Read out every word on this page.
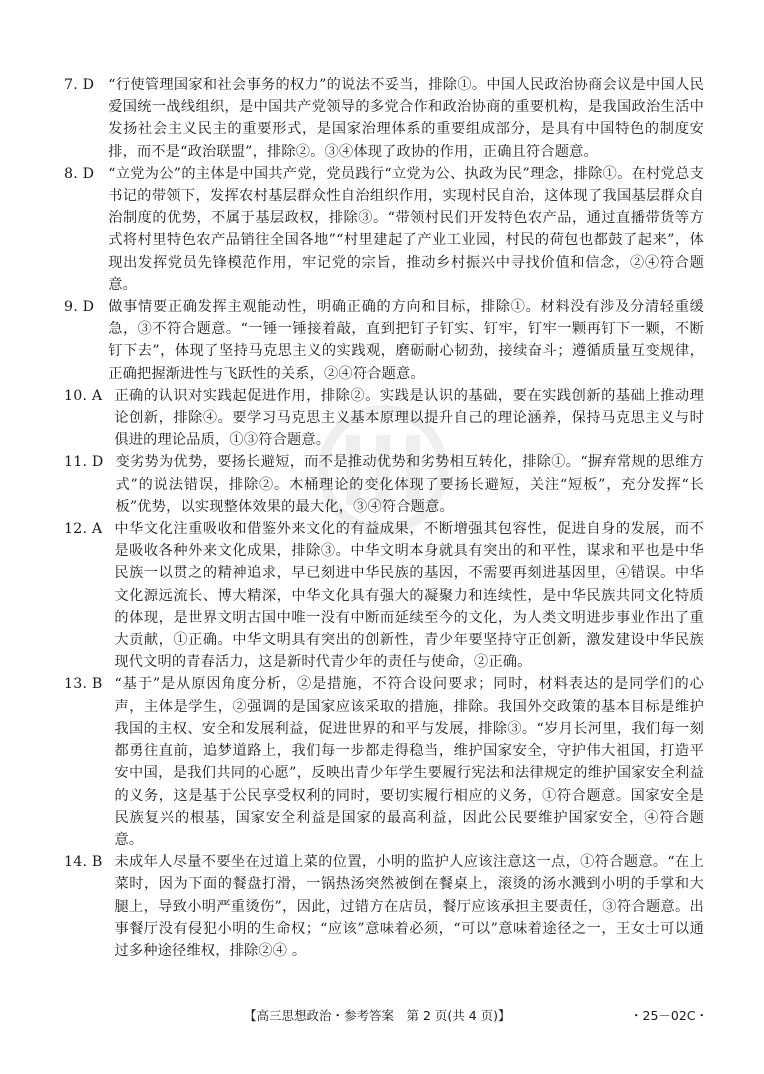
7. D “行使管理国家和社会事务的权力”的说法不妥当，排除①。中国人民政治协商会议是中国人民爱国统一战线组织，是中国共产党领导的多党合作和政治协商的重要机构，是我国政治生活中发扬社会主义民主的重要形式，是国家治理体系的重要组成部分，是具有中国特色的制度安排，而不是“政治联盟”，排除②。③④体现了政协的作用，正确且符合题意。
8. D “立党为公”的主体是中国共产党，党员践行“立党为公、执政为民”理念，排除①。在村党总支书记的带领下，发挥农村基层群众性自治组织作用，实现村民自治，这体现了我国基层群众自治制度的优势，不属于基层政权，排除③。“带领村民们开发特色农产品，通过直播带货等方式将村里特色农产品销往全国各地”“村里建起了产业工业园，村民的荷包也都鼓了起来”，体现出发挥党员先锋模范作用，牢记党的宗旨，推动乡村振兴中寻找价值和信念，②④符合题意。
9. D 做事情要正确发挥主观能动性，明确正确的方向和目标，排除①。材料没有涉及分清轻重缓急，③不符合题意。“一锤一锤接着敲，直到把钉子钉实、钉牢，钉牢一颗再钉下一颗，不断钉下去”，体现了坚持马克思主义的实践观，磨砺耐心韧劲，接续奋斗；遵循质量互变规律，正确把握渐进性与飞跃性的关系，②④符合题意。
10. A 正确的认识对实践起促进作用，排除②。实践是认识的基础，要在实践创新的基础上推动理论创新，排除④。要学习马克思主义基本原理以提升自己的理论涵养，保持马克思主义与时俱进的理论品质，①③符合题意。
11. D 变劣势为优势，要扬长避短，而不是推动优势和劣势相互转化，排除①。“摒弃常规的思维方式”的说法错误，排除②。木桶理论的变化体现了要扬长避短，关注“短板”，充分发挥“长板”优势，以实现整体效果的最大化，③④符合题意。
12. A 中华文化注重吸收和借鉴外来文化的有益成果，不断增强其包容性，促进自身的发展，而不是吸收各种外来文化成果，排除③。中华文明本身就具有突出的和平性，谋求和平也是中华民族一以贯之的精神追求，早已刻进中华民族的基因，不需要再刻进基因里，④错误。中华文化源远流长、博大精深，中华文化具有强大的凝聚力和连续性，是中华民族共同文化特质的体现，是世界文明古国中唯一没有中断而延续至今的文化，为人类文明进步事业作出了重大贡献，①正确。中华文明具有突出的创新性，青少年要坚持守正创新，激发建设中华民族现代文明的青春活力，这是新时代青少年的责任与使命，②正确。
13. B “基于”是从原因角度分析，②是措施，不符合设问要求；同时，材料表达的是同学们的心声，主体是学生，②强调的是国家应该采取的措施，排除。我国外交政策的基本目标是维护我国的主权、安全和发展利益，促进世界的和平与发展，排除③。“岁月长河里，我们每一刻都勇往直前，追梦道路上，我们每一步都走得稳当，维护国家安全，守护伟大祖国，打造平安中国，是我们共同的心愿”，反映出青少年学生要履行宪法和法律规定的维护国家安全利益的义务，这是基于公民享受权利的同时，要切实履行相应的义务，①符合题意。国家安全是民族复兴的根基，国家安全利益是国家的最高利益，因此公民要维护国家安全，④符合题意。
14. B 未成年人尽量不要坐在过道上菜的位置，小明的监护人应该注意这一点，①符合题意。“在上菜时，因为下面的餐盘打滑，一锅热汤突然被倒在餐桌上，滚烫的汤水溅到小明的手掌和大腿上，导致小明严重烫伤”，因此，过错方在店员，餐厅应该承担主要责任，③符合题意。出事餐厅没有侵犯小明的生命权；“应该”意味着必须，“可以”意味着途径之一，王女士可以通过多种途径维权，排除②④ 。
【高三思想政治・参考答案　第 2 页(共 4 页)】	・25－02C・
